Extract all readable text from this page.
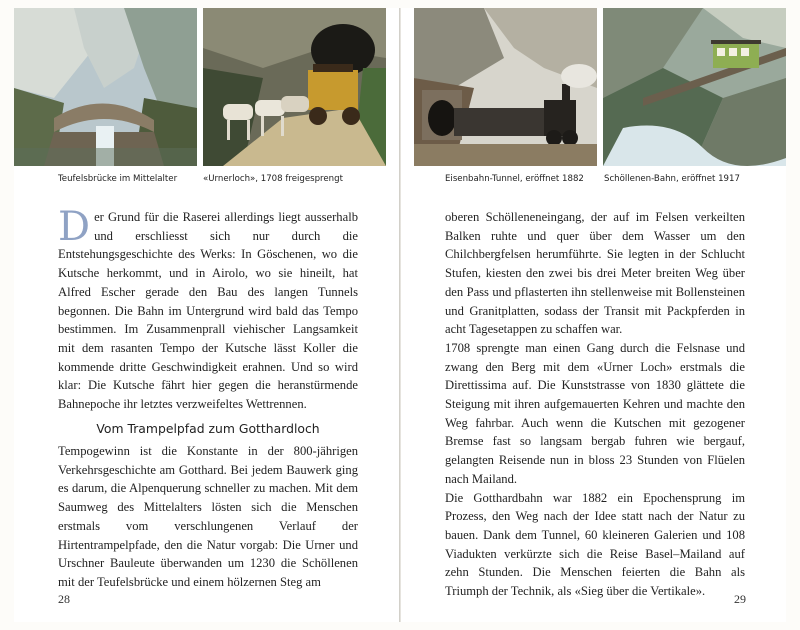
Teufelsbrücke im Mittelalter	«Urnerloch», 1708 freigesprengt

Der Grund für die Raserei allerdings liegt ausserhalb und erschliesst sich nur durch die Entstehungsgeschichte des Werks: In Göschenen, wo die Kutsche herkommt, und in Airolo, wo sie hineilt, hat Alfred Escher gerade den Bau des langen Tunnels begonnen. Die Bahn im Untergrund wird bald das Tempo bestimmen. Im Zusammenprall viehischer Langsamkeit mit dem rasanten Tempo der Kutsche lässt Koller die kommende dritte Geschwindigkeit erahnen. Und so wird klar: Die Kutsche fährt hier gegen die heranstürmende Bahnepoche ihr letztes verzweifeltes Wettrennen.

Vom Trampelpfad zum Gotthardloch

Tempogewinn ist die Konstante in der 800-jährigen Verkehrsgeschichte am Gotthard. Bei jedem Bauwerk ging es darum, die Alpenquerung schneller zu machen. Mit dem Saumweg des Mittelalters lösten sich die Menschen erstmals vom verschlungenen Verlauf der Hirtentrampelpfade, den die Natur vorgab: Die Urner und Urschner Bauleute überwanden um 1230 die Schöllenen mit der Teufelsbrücke und einem hölzernen Steg am

28
Eisenbahn-Tunnel, eröffnet 1882 Schöllenen-Bahn, eröffnet 1917

oberen Schölleneneingang, der auf im Felsen verkeilten Balken ruhte und quer über dem Wasser um den Chilchbergfelsen herumführte. Sie legten in der Schlucht Stufen, kiesten den zwei bis drei Meter breiten Weg über den Pass und pflasterten ihn stellenweise mit Bollensteinen und Granitplatten, sodass der Transit mit Packpferden in acht Tagesetappen zu schaffen war.

1708 sprengte man einen Gang durch die Felsnase und zwang den Berg mit dem «Urner Loch» erstmals die Direttissima auf. Die Kunststrasse von 1830 glättete die Steigung mit ihren aufgemauerten Kehren und machte den Weg fahrbar. Auch wenn die Kutschen mit gezogener Bremse fast so langsam bergab fuhren wie bergauf, gelangten Reisende nun in bloss 23 Stunden von Flüelen nach Mailand.

Die Gotthardbahn war 1882 ein Epochensprung im Prozess, den Weg nach der Idee statt nach der Natur zu bauen. Dank dem Tunnel, 60 kleineren Galerien und 108 Viadukten verkürzte sich die Reise Basel–Mailand auf zehn Stunden. Die Menschen feierten die Bahn als Triumph der Technik, als «Sieg über die Vertikale».

29
